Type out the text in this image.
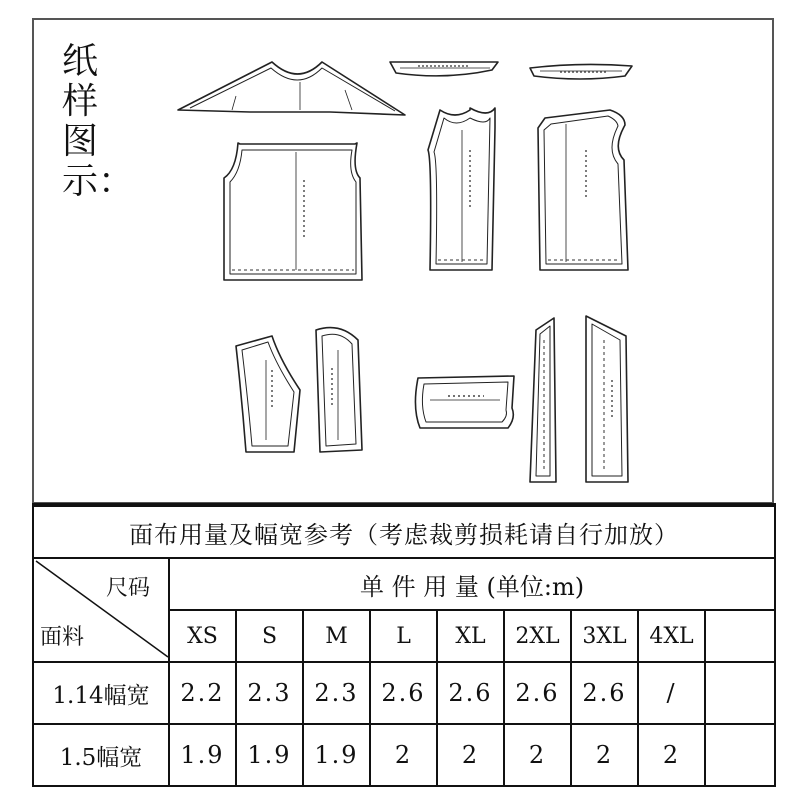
纸样图示：
面布用量及幅宽参考（考虑裁剪损耗请自行加放）									

尺码
面料	单 件 用 量 (单位:m)								
	XS	S	M	L	XL	2XL	3XL	4XL	
1.14幅宽	2.2	2.3	2.3	2.6	2.6	2.6	2.6	/	
1.5幅宽	1.9	1.9	1.9	2	2	2	2	2	
